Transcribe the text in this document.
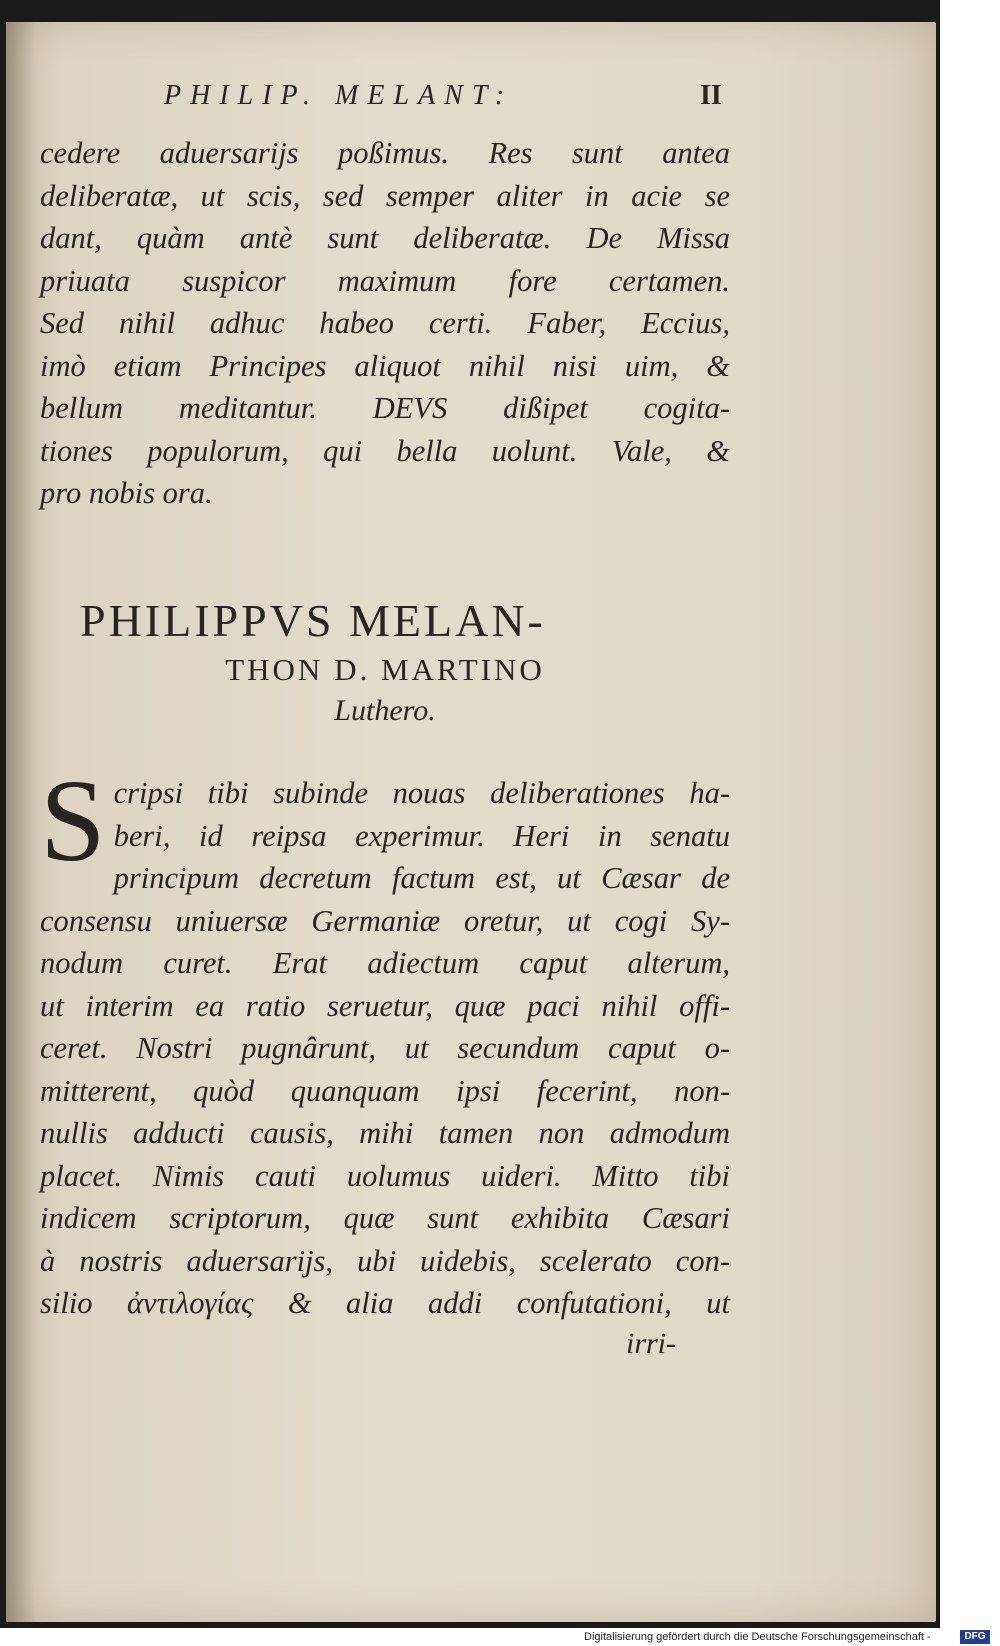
PHILIP. MELANT:	II
cedere aduersarijs poßimus. Res sunt antea
deliberatæ, ut scis, sed semper aliter in acie se
dant, quàm antè sunt deliberatæ. De Missa
priuata suspicor maximum fore certamen.
Sed nihil adhuc habeo certi. Faber, Eccius,
imò etiam Principes aliquot nihil nisi uim, &
bellum meditantur. DEVS dißipet cogita-
tiones populorum, qui bella uolunt. Vale, &
pro nobis ora.
PHILIPPVS MELAN-
THON D. MARTINO
Luthero.
S cripsi tibi subinde nouas deliberationes ha-
beri, id reipsa experimur. Heri in senatu
principum decretum factum est, ut Cæsar de
consensu uniuersæ Germaniæ oretur, ut cogi Sy-
nodum curet. Erat adiectum caput alterum,
ut interim ea ratio seruetur, quæ paci nihil offi-
ceret. Nostri pugnârunt, ut secundum caput o-
mitterent, quòd quanquam ipsi fecerint, non-
nullis adducti causis, mihi tamen non admodum
placet. Nimis cauti uolumus uideri. Mitto tibi
indicem scriptorum, quæ sunt exhibita Cæsari
à nostris aduersarijs, ubi uidebis, scelerato con-
silio ἀντιλογίας & alia addi confutationi, ut
irri-
Digitalisierung gefördert durch die Deutsche Forschungsgemeinschaft -	DFG
